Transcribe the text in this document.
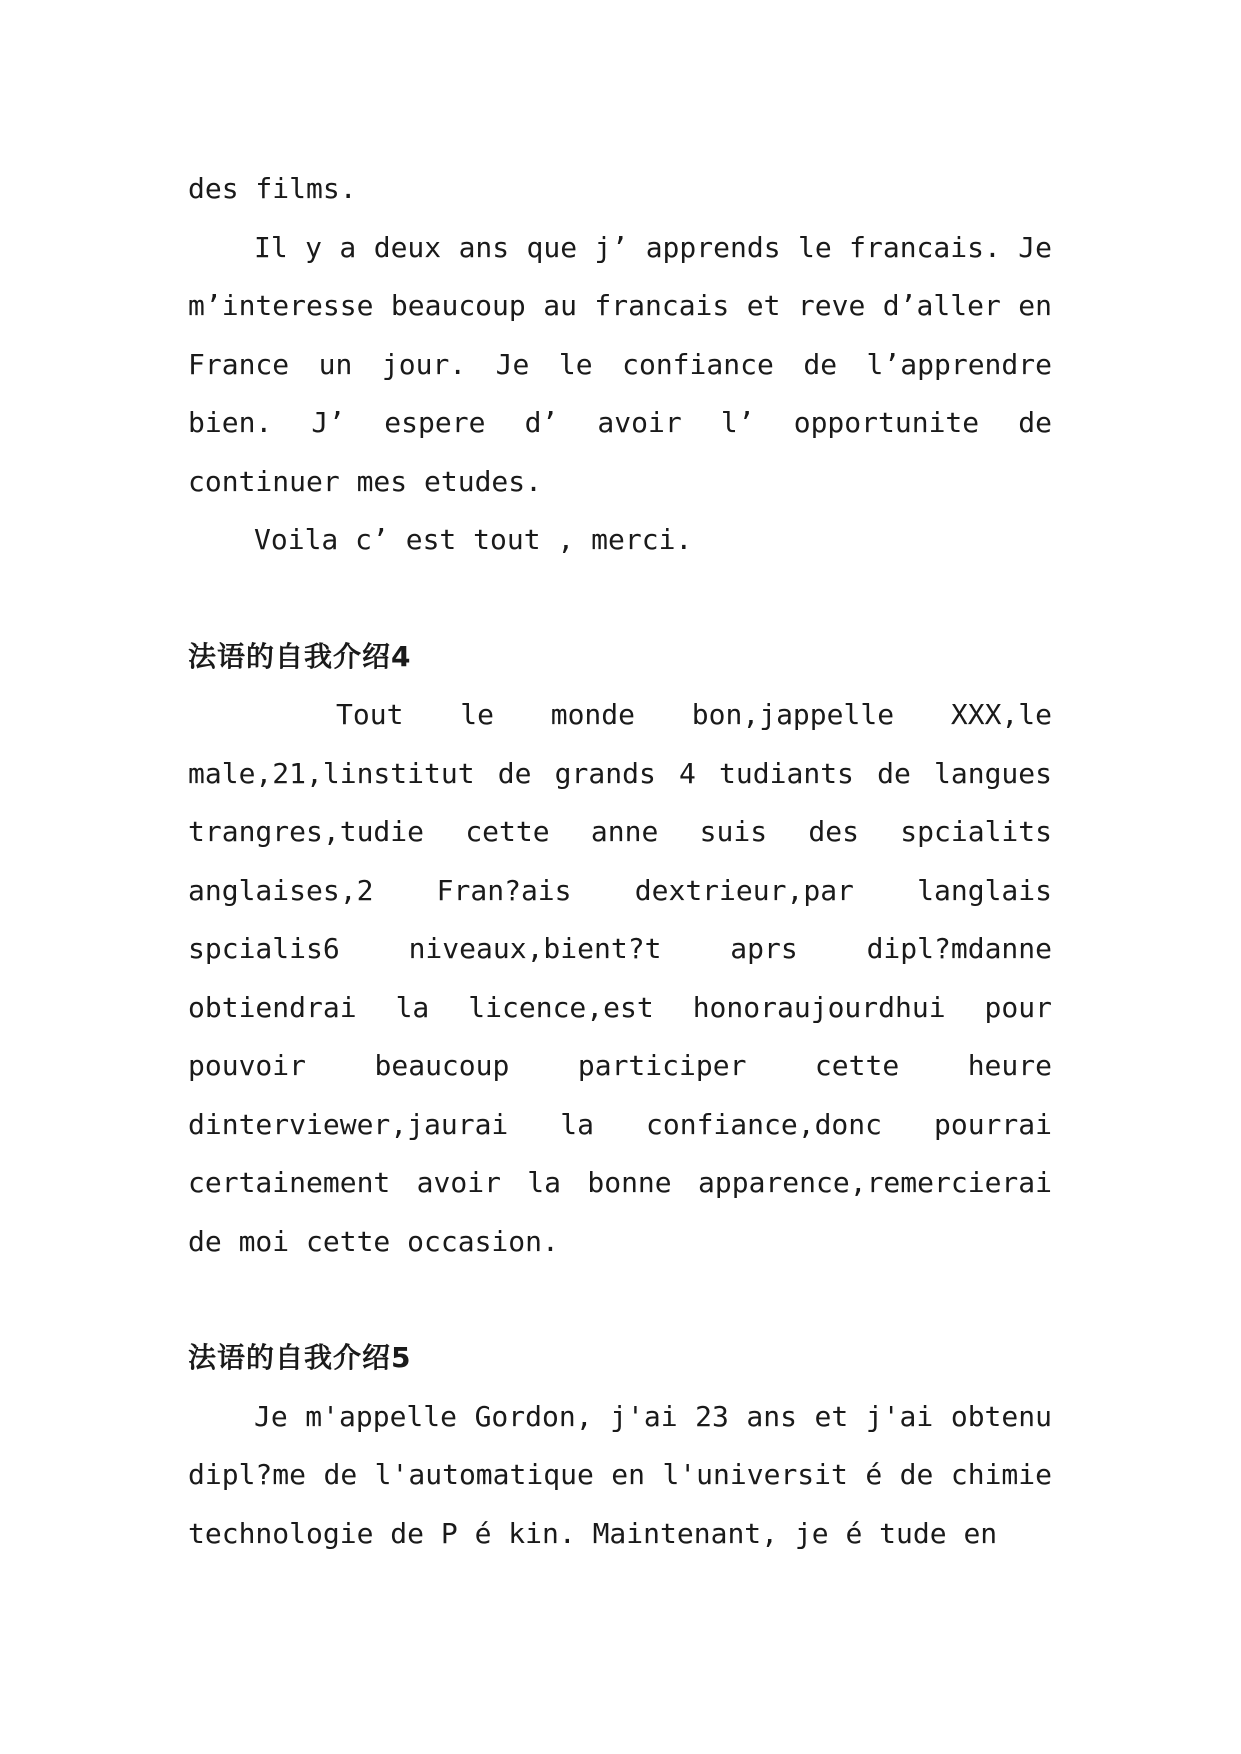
des films.

Il y a deux ans que j’ apprends le francais. Je m’interesse beaucoup au francais et reve d’aller en France un jour. Je le confiance de l’apprendre bien. J’ espere d’ avoir l’ opportunite de continuer mes etudes.

Voila c’ est tout , merci.

法语的自我介绍4

Tout le monde bon,jappelle XXX,le male,21,linstitut de grands 4 tudiants de langues trangres,tudie cette anne suis des spcialits anglaises,2 Fran?ais dextrieur,par langlais spcialis6 niveaux,bient?t aprs dipl?mdanne obtiendrai la licence,est honoraujourdhui pour pouvoir beaucoup participer cette heure dinterviewer,jaurai la confiance,donc pourrai certainement avoir la bonne apparence,remercierai de moi cette occasion.

法语的自我介绍5

Je m'appelle Gordon, j'ai 23 ans et j'ai obtenu dipl?me de l'automatique en l'universit é de chimie technologie de P é kin. Maintenant, je é tude en
